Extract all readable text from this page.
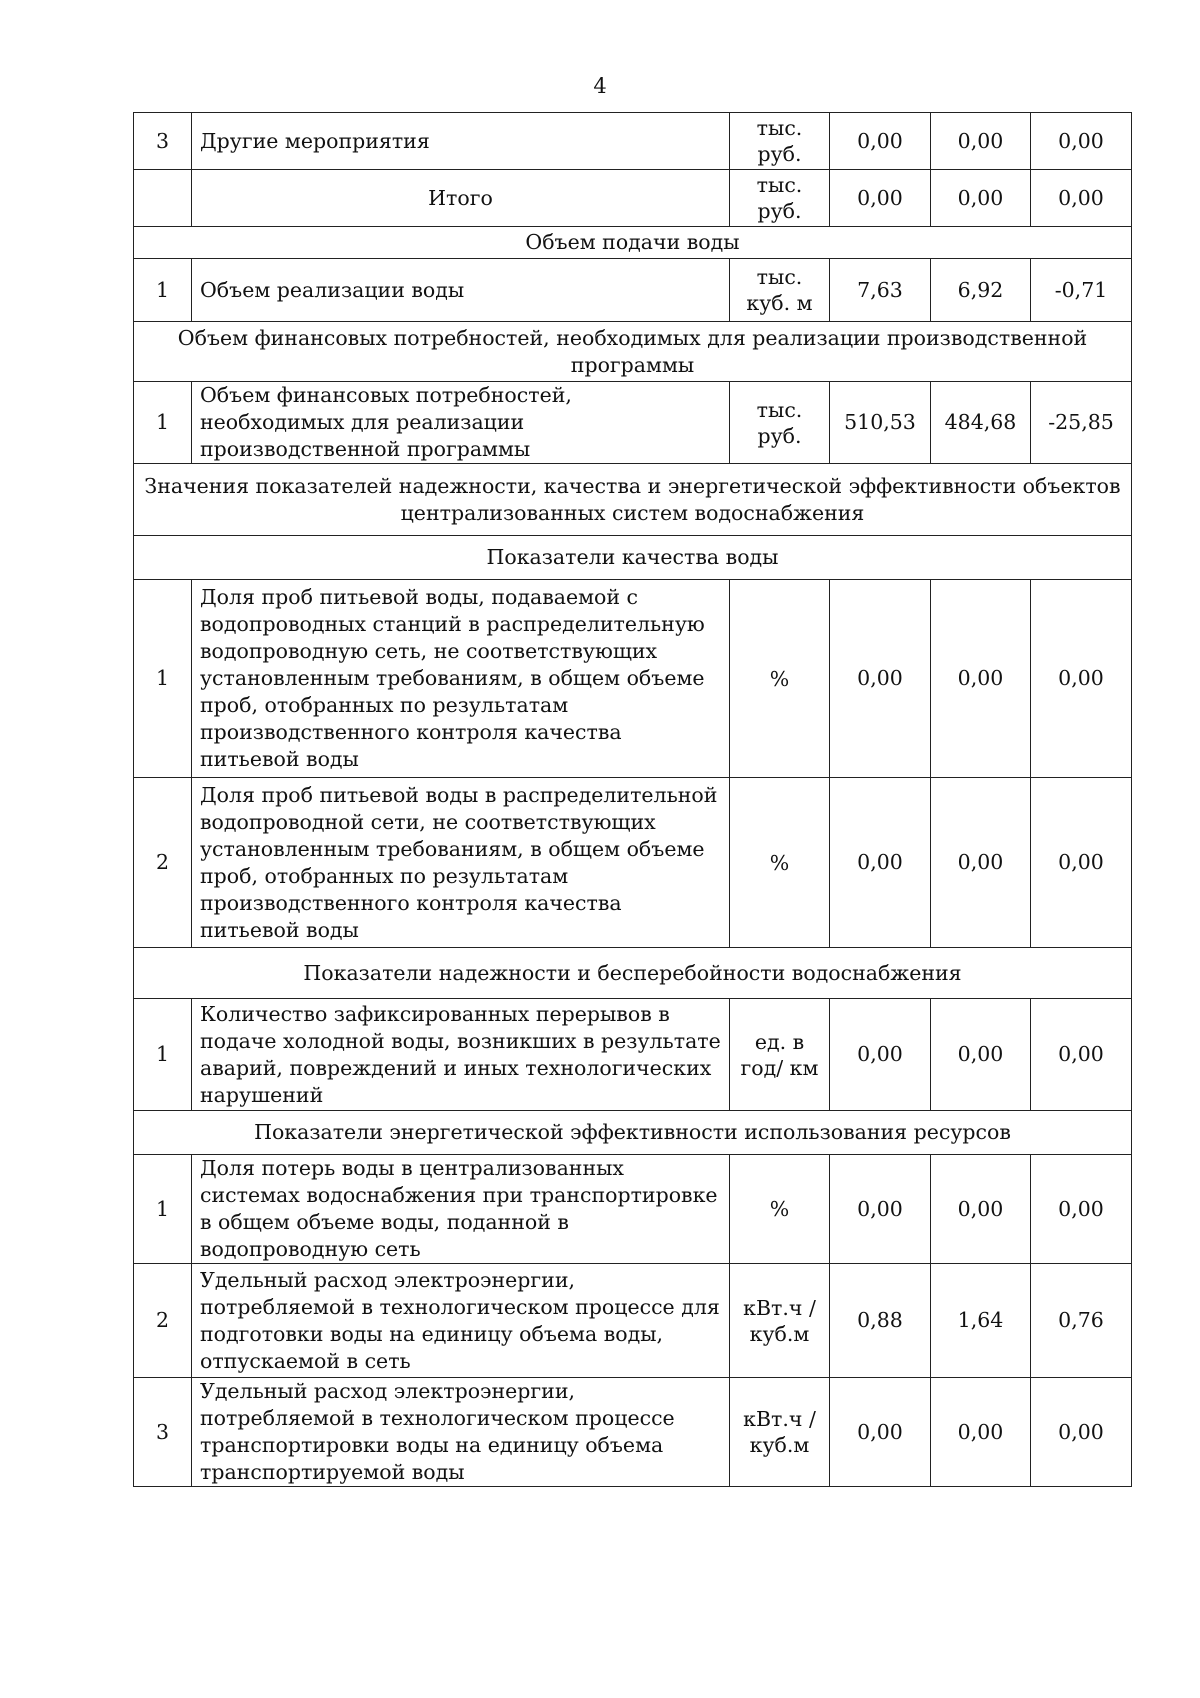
4
3	Другие мероприятия	тыс. руб.	0,00	0,00	0,00
	Итого	тыс. руб.	0,00	0,00	0,00
Объем подачи воды					
1	Объем реализации воды	тыс. куб. м	7,63	6,92	-0,71
Объем финансовых потребностей, необходимых для реализации производственной программы					
1	Объем финансовых потребностей, необходимых для реализации производственной программы	тыс. руб.	510,53	484,68	-25,85
Значения показателей надежности, качества и энергетической эффективности объектов централизованных систем водоснабжения					
Показатели качества воды					
1	Доля проб питьевой воды, подаваемой с водопроводных станций в распределительную водопроводную сеть, не соответствующих установленным требованиям, в общем объеме проб, отобранных по результатам производственного контроля качества питьевой воды	%	0,00	0,00	0,00
2	Доля проб питьевой воды в распределительной водопроводной сети, не соответствующих установленным требованиям, в общем объеме проб, отобранных по результатам производственного контроля качества питьевой воды	%	0,00	0,00	0,00
Показатели надежности и бесперебойности водоснабжения					
1	Количество зафиксированных перерывов в подаче холодной воды, возникших в результате аварий, повреждений и иных технологических нарушений	ед. в год/ км	0,00	0,00	0,00
Показатели энергетической эффективности использования ресурсов					
1	Доля потерь воды в централизованных системах водоснабжения при транспортировке в общем объеме воды, поданной в водопроводную сеть	%	0,00	0,00	0,00
2	Удельный расход электроэнергии, потребляемой в технологическом процессе для подготовки воды на единицу объема воды, отпускаемой в сеть	кВт.ч / куб.м	0,88	1,64	0,76
3	Удельный расход электроэнергии, потребляемой в технологическом процессе транспортировки воды на единицу объема транспортируемой воды	кВт.ч / куб.м	0,00	0,00	0,00
